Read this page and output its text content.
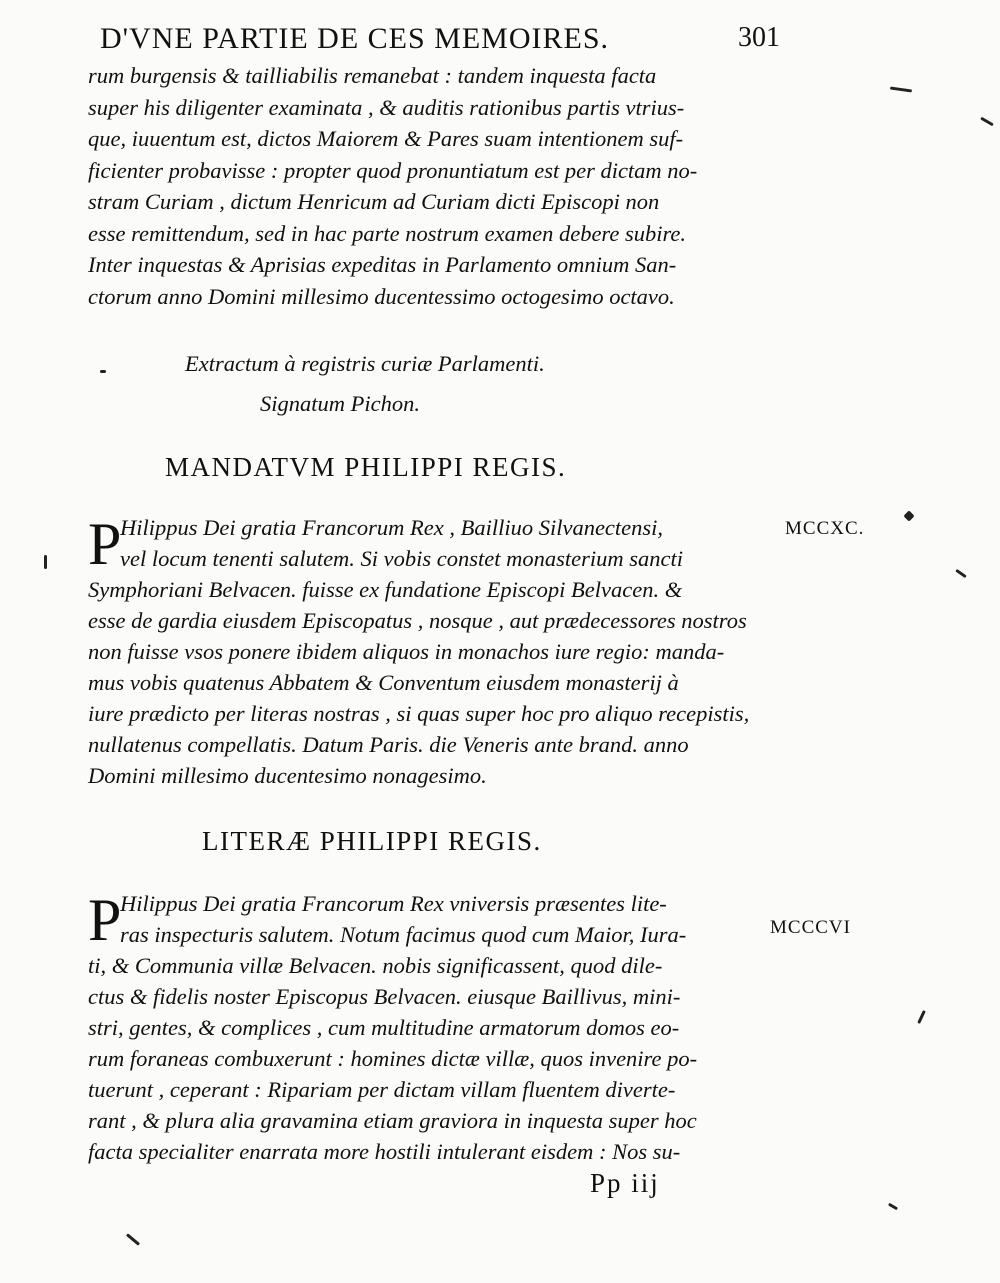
D'VNE PARTIE DE CES MEMOIRES.	301
rum burgensis & tailliabilis remanebat : tandem inquesta facta
super his diligenter examinata , & auditis rationibus partis vtrius-
que, iuuentum est, dictos Maiorem & Pares suam intentionem suf-
ficienter probavisse : propter quod pronuntiatum est per dictam no-
stram Curiam , dictum Henricum ad Curiam dicti Episcopi non
esse remittendum, sed in hac parte nostrum examen debere subire.
Inter inquestas & Aprisias expeditas in Parlamento omnium San-
ctorum anno Domini millesimo ducentessimo octogesimo octavo.
Extractum à registris curiæ Parlamenti.
Signatum Pichon.
MANDATVM PHILIPPI REGIS.
MCCXC.
P
Hilippus Dei gratia Francorum Rex , Bailliuo Silvanectensi,
vel locum tenenti salutem. Si vobis constet monasterium sancti
Symphoriani Belvacen. fuisse ex fundatione Episcopi Belvacen. &
esse de gardia eiusdem Episcopatus , nosque , aut prædecessores nostros
non fuisse vsos ponere ibidem aliquos in monachos iure regio: manda-
mus vobis quatenus Abbatem & Conventum eiusdem monasterij à
iure prædicto per literas nostras , si quas super hoc pro aliquo recepistis,
nullatenus compellatis. Datum Paris. die Veneris ante brand. anno
Domini millesimo ducentesimo nonagesimo.
LITERÆ PHILIPPI REGIS.
MCCCVI
P
Hilippus Dei gratia Francorum Rex vniversis præsentes lite-
ras inspecturis salutem. Notum facimus quod cum Maior, Iura-
ti, & Communia villæ Belvacen. nobis significassent, quod dile-
ctus & fidelis noster Episcopus Belvacen. eiusque Baillivus, mini-
stri, gentes, & complices , cum multitudine armatorum domos eo-
rum foraneas combuxerunt : homines dictæ villæ, quos invenire po-
tuerunt , ceperant : Ripariam per dictam villam fluentem diverte-
rant , & plura alia gravamina etiam graviora in inquesta super hoc
facta specialiter enarrata more hostili intulerant eisdem : Nos su-
Pp iij
